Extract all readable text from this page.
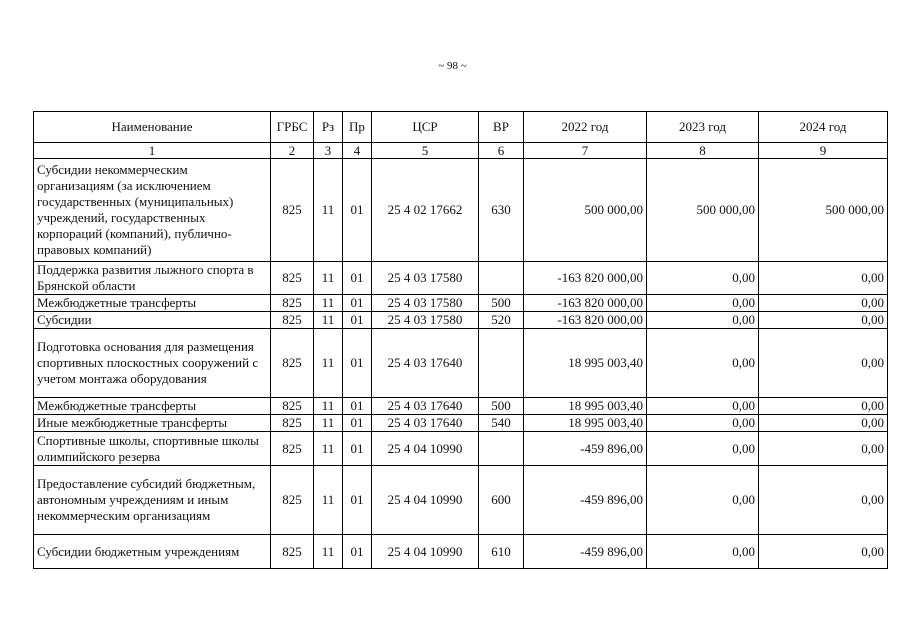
~ 98 ~
Наименование	ГРБС	Рз	Пр	ЦСР	ВР	2022 год	2023 год	2024 год
1	2	3	4	5	6	7	8	9
Субсидии некоммерческим организациям (за исключением государственных (муниципальных) учреждений, государственных корпораций (компаний), публично-правовых компаний)	825	11	01	25 4 02 17662	630	500 000,00	500 000,00	500 000,00
Поддержка развития лыжного спорта в Брянской области	825	11	01	25 4 03 17580		-163 820 000,00	0,00	0,00
Межбюджетные трансферты	825	11	01	25 4 03 17580	500	-163 820 000,00	0,00	0,00
Субсидии	825	11	01	25 4 03 17580	520	-163 820 000,00	0,00	0,00
Подготовка основания для размещения спортивных плоскостных сооружений с учетом монтажа оборудования	825	11	01	25 4 03 17640		18 995 003,40	0,00	0,00
Межбюджетные трансферты	825	11	01	25 4 03 17640	500	18 995 003,40	0,00	0,00
Иные межбюджетные трансферты	825	11	01	25 4 03 17640	540	18 995 003,40	0,00	0,00
Спортивные школы, спортивные школы олимпийского резерва	825	11	01	25 4 04 10990		-459 896,00	0,00	0,00
Предоставление субсидий бюджетным, автономным учреждениям и иным некоммерческим организациям	825	11	01	25 4 04 10990	600	-459 896,00	0,00	0,00
Субсидии бюджетным учреждениям	825	11	01	25 4 04 10990	610	-459 896,00	0,00	0,00
